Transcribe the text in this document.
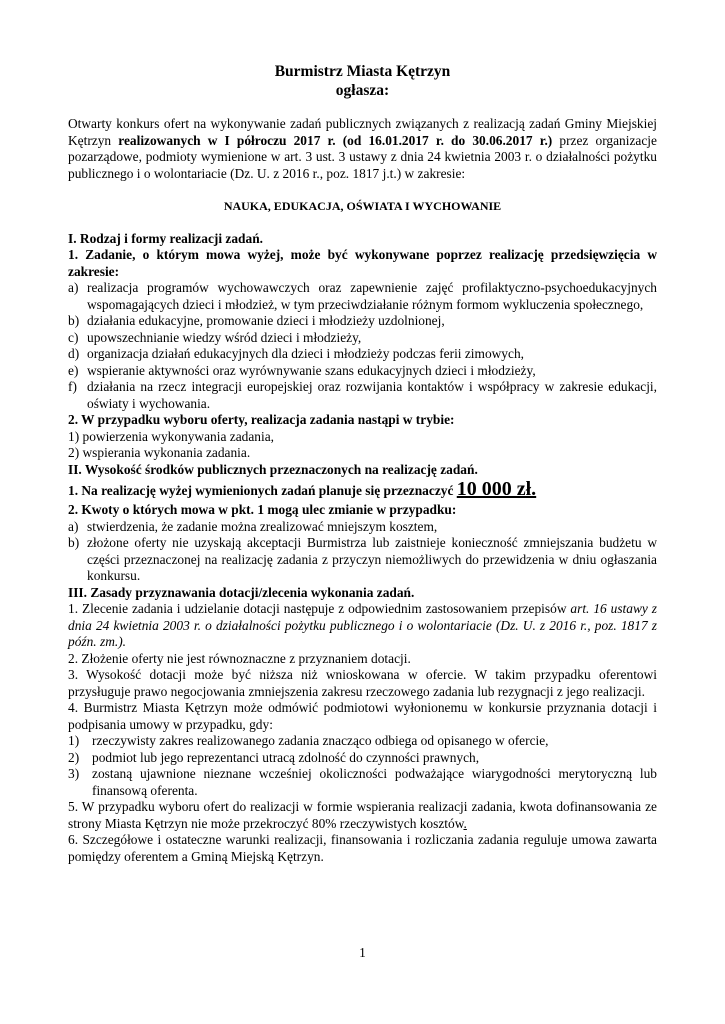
Burmistrz Miasta Kętrzyn
ogłasza:
Otwarty konkurs ofert na wykonywanie zadań publicznych związanych z realizacją zadań Gminy Miejskiej Kętrzyn realizowanych w I półroczu 2017 r. (od 16.01.2017 r. do 30.06.2017 r.) przez organizacje pozarządowe, podmioty wymienione w art. 3 ust. 3 ustawy z dnia 24 kwietnia 2003 r. o działalności pożytku publicznego i o wolontariacie (Dz. U. z 2016 r., poz. 1817 j.t.) w zakresie:
NAUKA, EDUKACJA, OŚWIATA I WYCHOWANIE
I. Rodzaj i formy realizacji zadań.
1. Zadanie, o którym mowa wyżej, może być wykonywane poprzez realizację przedsięwzięcia w zakresie:
a) realizacja programów wychowawczych oraz zapewnienie zajęć profilaktyczno-psychoedukacyjnych wspomagających dzieci i młodzież, w tym przeciwdziałanie różnym formom wykluczenia społecznego,
b) działania edukacyjne, promowanie dzieci i młodzieży uzdolnionej,
c) upowszechnianie wiedzy wśród dzieci i młodzieży,
d) organizacja działań edukacyjnych dla dzieci i młodzieży podczas ferii zimowych,
e) wspieranie aktywności oraz wyrównywanie szans edukacyjnych dzieci i młodzieży,
f) działania na rzecz integracji europejskiej oraz rozwijania kontaktów i współpracy w zakresie edukacji, oświaty i wychowania.
2. W przypadku wyboru oferty, realizacja zadania nastąpi w trybie:
1) powierzenia wykonywania zadania,
2) wspierania wykonania zadania.
II. Wysokość środków publicznych przeznaczonych na realizację zadań.
1. Na realizację wyżej wymienionych zadań planuje się przeznaczyć 10 000 zł.
2. Kwoty o których mowa w pkt. 1 mogą ulec zmianie w przypadku:
a) stwierdzenia, że zadanie można zrealizować mniejszym kosztem,
b) złożone oferty nie uzyskają akceptacji Burmistrza lub zaistnieje konieczność zmniejszania budżetu w części przeznaczonej na realizację zadania z przyczyn niemożliwych do przewidzenia w dniu ogłaszania konkursu.
III. Zasady przyznawania dotacji/zlecenia wykonania zadań.
1. Zlecenie zadania i udzielanie dotacji następuje z odpowiednim zastosowaniem przepisów art. 16 ustawy z dnia 24 kwietnia 2003 r. o działalności pożytku publicznego i o wolontariacie (Dz. U. z 2016 r., poz. 1817 z późn. zm.).
2. Złożenie oferty nie jest równoznaczne z przyznaniem dotacji.
3. Wysokość dotacji może być niższa niż wnioskowana w ofercie. W takim przypadku oferentowi przysługuje prawo negocjowania zmniejszenia zakresu rzeczowego zadania lub rezygnacji z jego realizacji.
4. Burmistrz Miasta Kętrzyn może odmówić podmiotowi wyłonionemu w konkursie przyznania dotacji i podpisania umowy w przypadku, gdy:
1) rzeczywisty zakres realizowanego zadania znacząco odbiega od opisanego w ofercie,
2) podmiot lub jego reprezentanci utracą zdolność do czynności prawnych,
3) zostaną ujawnione nieznane wcześniej okoliczności podważające wiarygodności merytoryczną lub finansową oferenta.
5. W przypadku wyboru ofert do realizacji w formie wspierania realizacji zadania, kwota dofinansowania ze strony Miasta Kętrzyn nie może przekroczyć 80% rzeczywistych kosztów.
6. Szczegółowe i ostateczne warunki realizacji, finansowania i rozliczania zadania reguluje umowa zawarta pomiędzy oferentem a Gminą Miejską Kętrzyn.
1
